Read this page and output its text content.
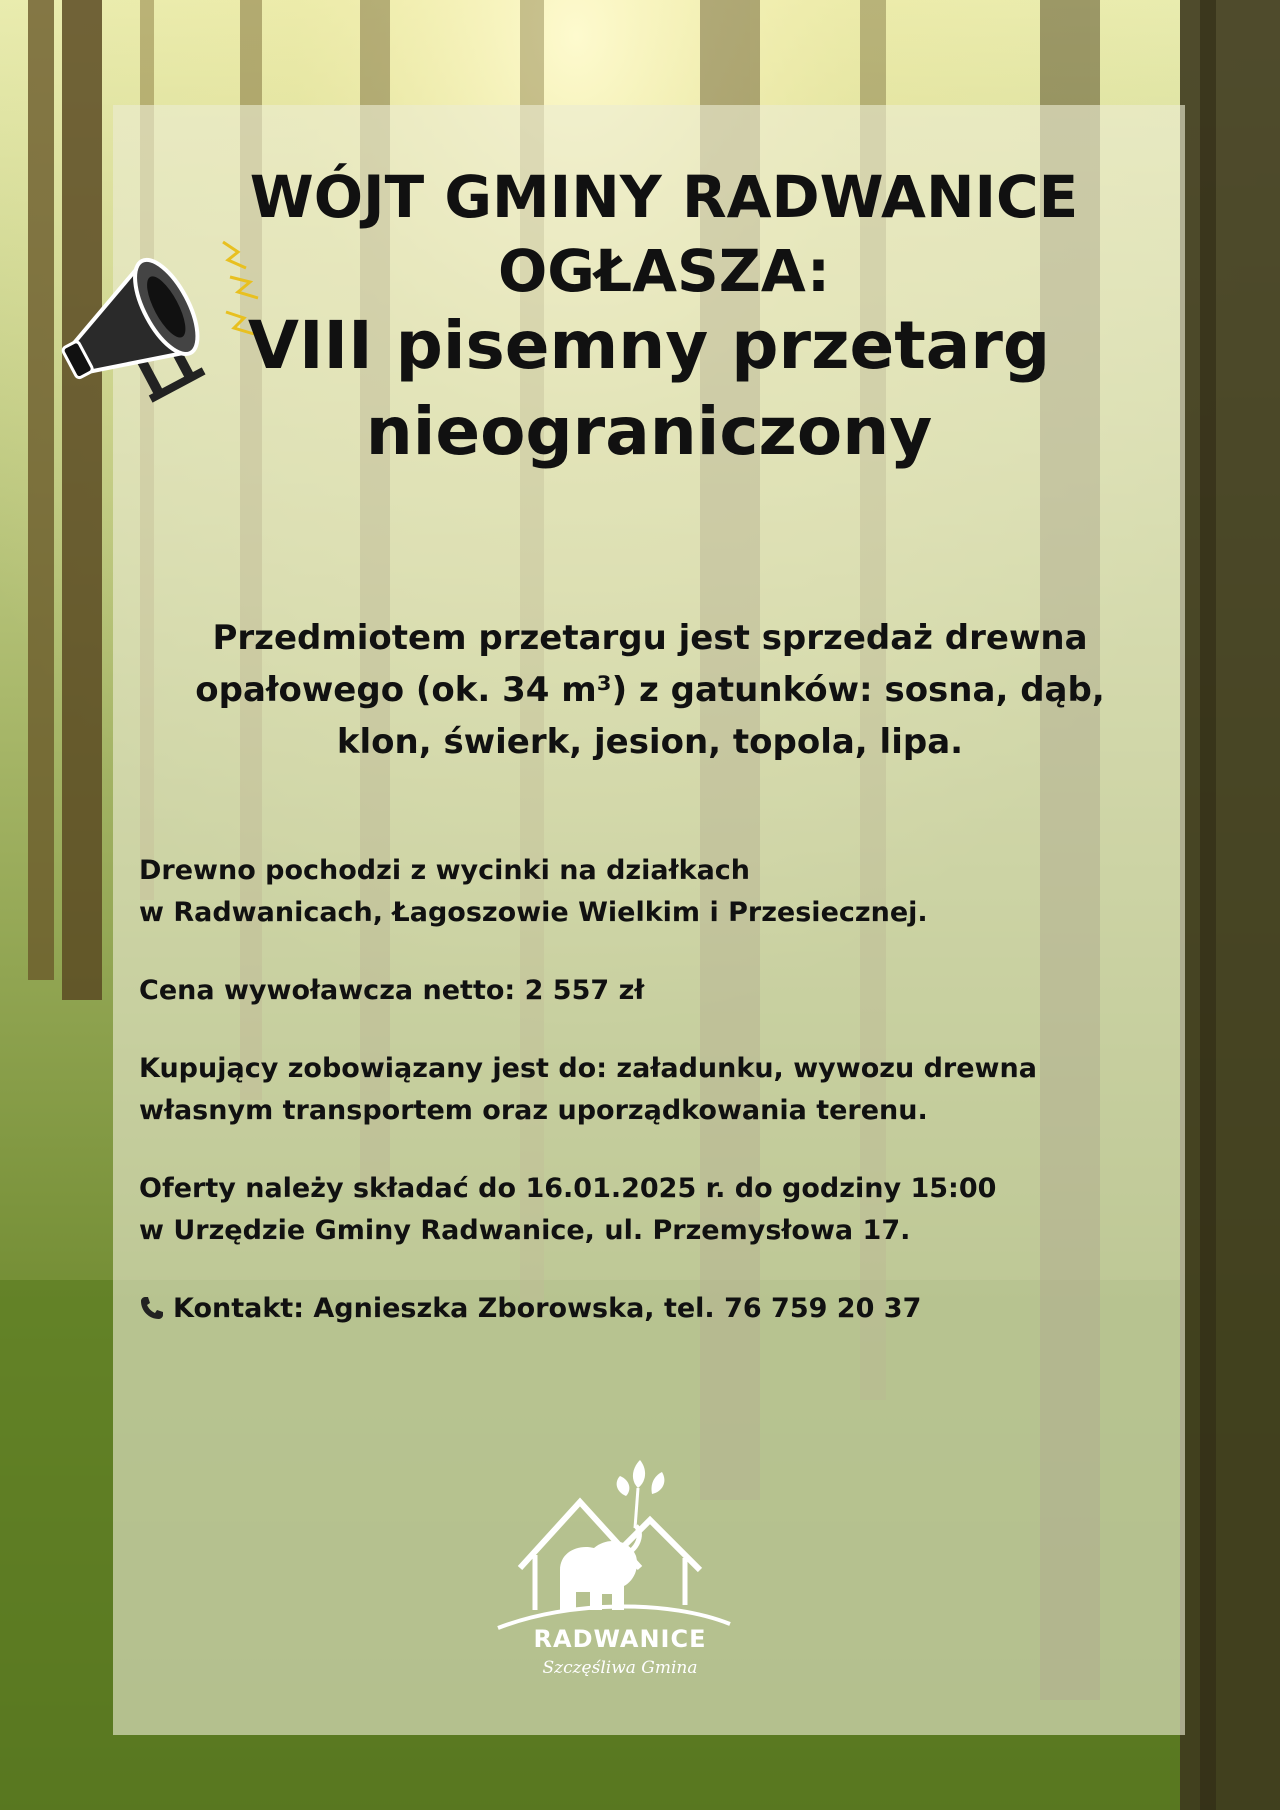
WÓJT GMINY RADWANICE
OGŁASZA:
VIII pisemny przetarg
nieograniczony
Przedmiotem przetargu jest sprzedaż drewna
opałowego (ok. 34 m³) z gatunków: sosna, dąb,
klon, świerk, jesion, topola, lipa.

Drewno pochodzi z wycinki na działkach
w Radwanicach, Łagoszowie Wielkim i Przesiecznej.

Cena wywoławcza netto: 2 557 zł

Kupujący zobowiązany jest do: załadunku, wywozu drewna
własnym transportem oraz uporządkowania terenu.

Oferty należy składać do 16.01.2025 r. do godziny 15:00
w Urzędzie Gminy Radwanice, ul. Przemysłowa 17.

Kontakt: Agnieszka Zborowska, tel. 76 759 20 37

RADWANICE
Szczęśliwa Gmina
